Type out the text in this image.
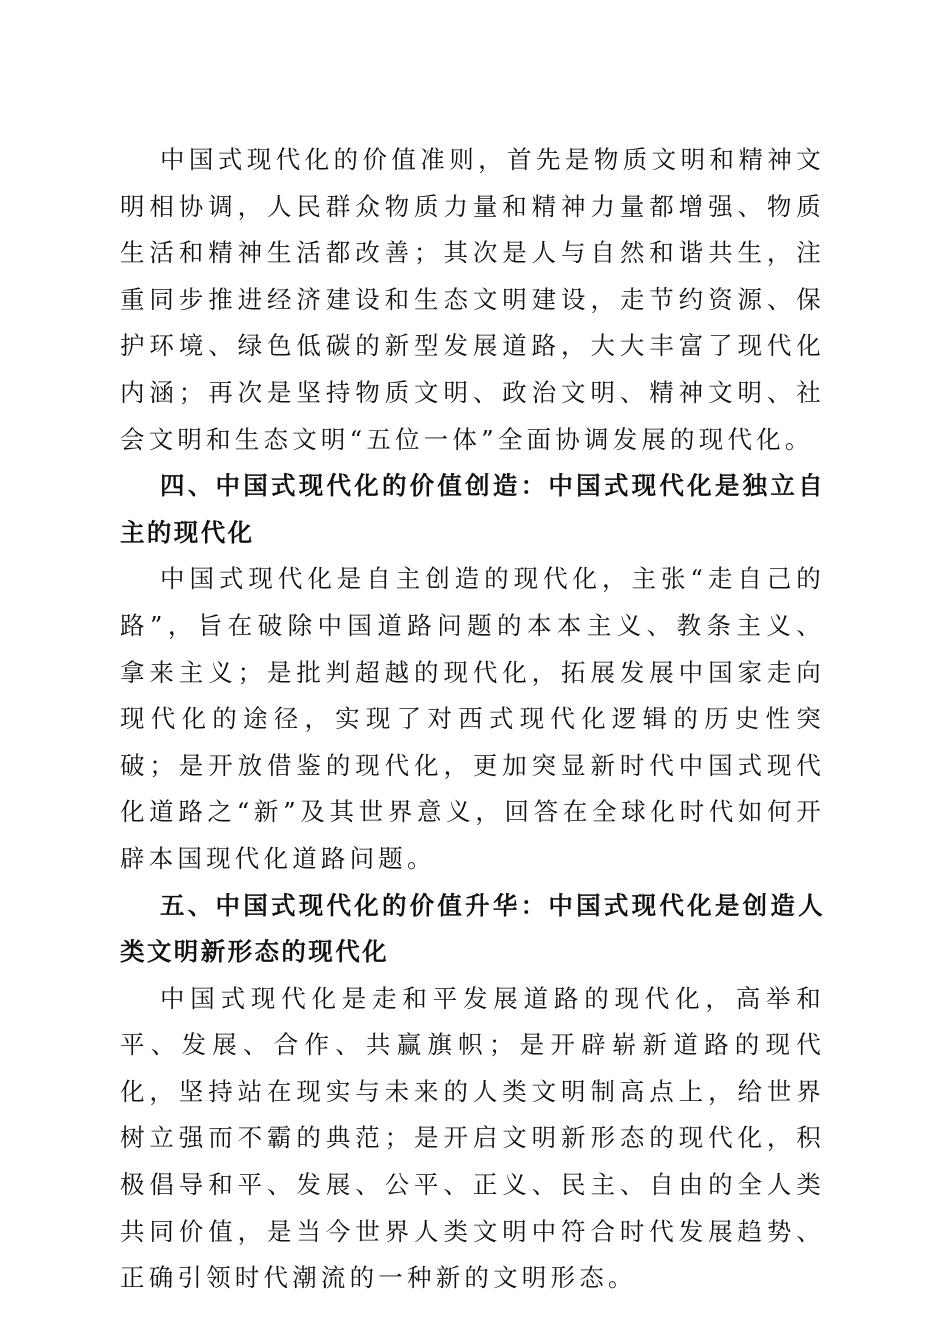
中国式现代化的价值准则，首先是物质文明和精神文明相协调，人民群众物质力量和精神力量都增强、物质生活和精神生活都改善；其次是人与自然和谐共生，注重同步推进经济建设和生态文明建设，走节约资源、保护环境、绿色低碳的新型发展道路，大大丰富了现代化内涵；再次是坚持物质文明、政治文明、精神文明、社会文明和生态文明“五位一体”全面协调发展的现代化。

四、中国式现代化的价值创造：中国式现代化是独立自主的现代化

中国式现代化是自主创造的现代化，主张“走自己的路”，旨在破除中国道路问题的本本主义、教条主义、拿来主义；是批判超越的现代化，拓展发展中国家走向现代化的途径，实现了对西式现代化逻辑的历史性突破；是开放借鉴的现代化，更加突显新时代中国式现代化道路之“新”及其世界意义，回答在全球化时代如何开辟本国现代化道路问题。

五、中国式现代化的价值升华：中国式现代化是创造人类文明新形态的现代化

中国式现代化是走和平发展道路的现代化，高举和平、发展、合作、共赢旗帜；是开辟崭新道路的现代化，坚持站在现实与未来的人类文明制高点上，给世界树立强而不霸的典范；是开启文明新形态的现代化，积极倡导和平、发展、公平、正义、民主、自由的全人类共同价值，是当今世界人类文明中符合时代发展趋势、正确引领时代潮流的一种新的文明形态。
